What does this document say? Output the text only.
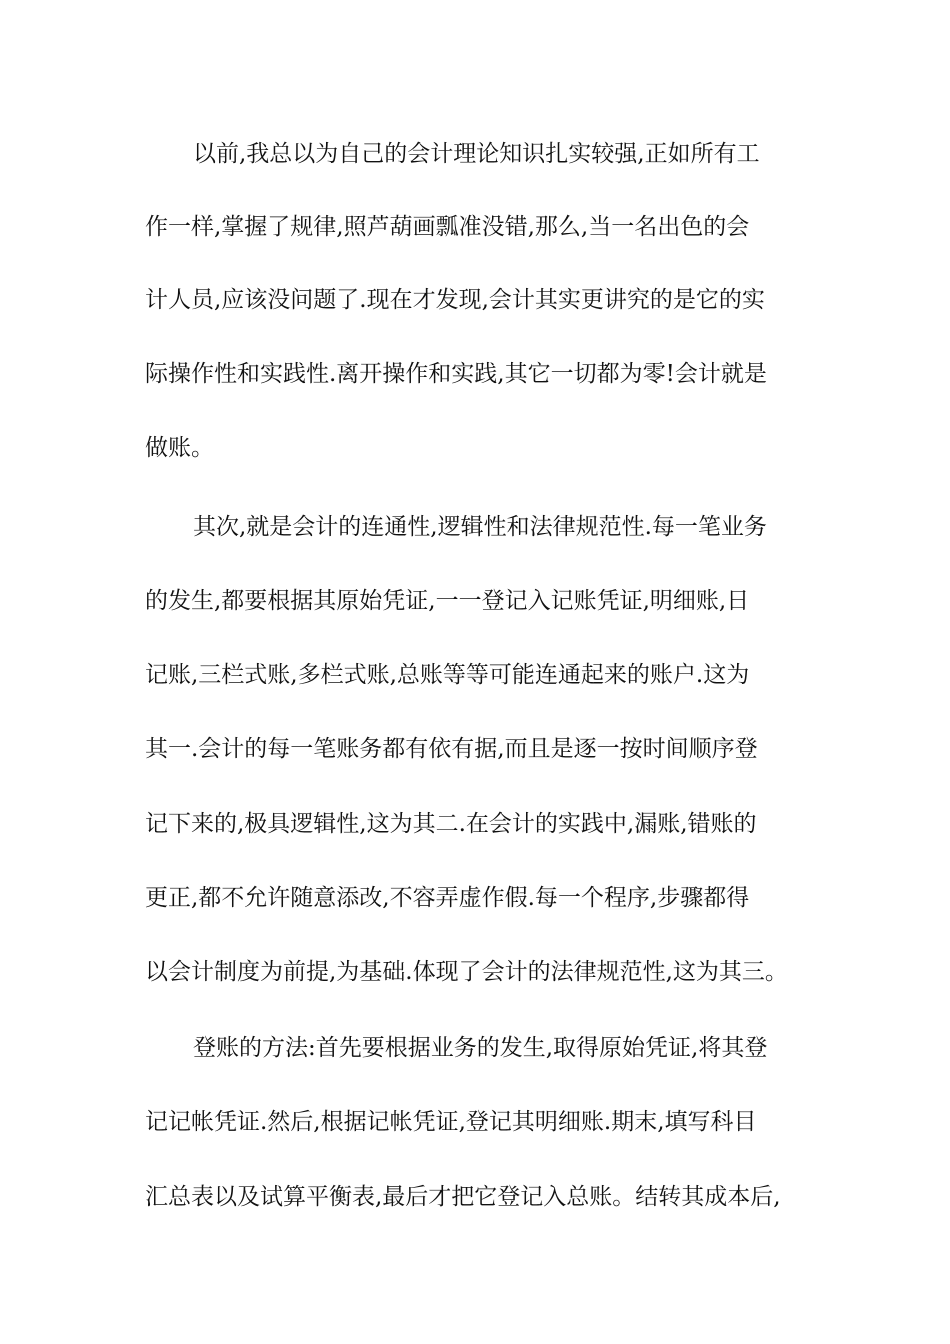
以前,我总以为自己的会计理论知识扎实较强,正如所有工
作一样,掌握了规律,照芦葫画瓢准没错,那么,当一名出色的会
计人员,应该没问题了.现在才发现,会计其实更讲究的是它的实
际操作性和实践性.离开操作和实践,其它一切都为零!会计就是
做账。
其次,就是会计的连通性,逻辑性和法律规范性.每一笔业务
的发生,都要根据其原始凭证,一一登记入记账凭证,明细账,日
记账,三栏式账,多栏式账,总账等等可能连通起来的账户.这为
其一.会计的每一笔账务都有依有据,而且是逐一按时间顺序登
记下来的,极具逻辑性,这为其二.在会计的实践中,漏账,错账的
更正,都不允许随意添改,不容弄虚作假.每一个程序,步骤都得
以会计制度为前提,为基础.体现了会计的法律规范性,这为其三。
登账的方法:首先要根据业务的发生,取得原始凭证,将其登
记记帐凭证.然后,根据记帐凭证,登记其明细账.期末,填写科目
汇总表以及试算平衡表,最后才把它登记入总账。结转其成本后,
